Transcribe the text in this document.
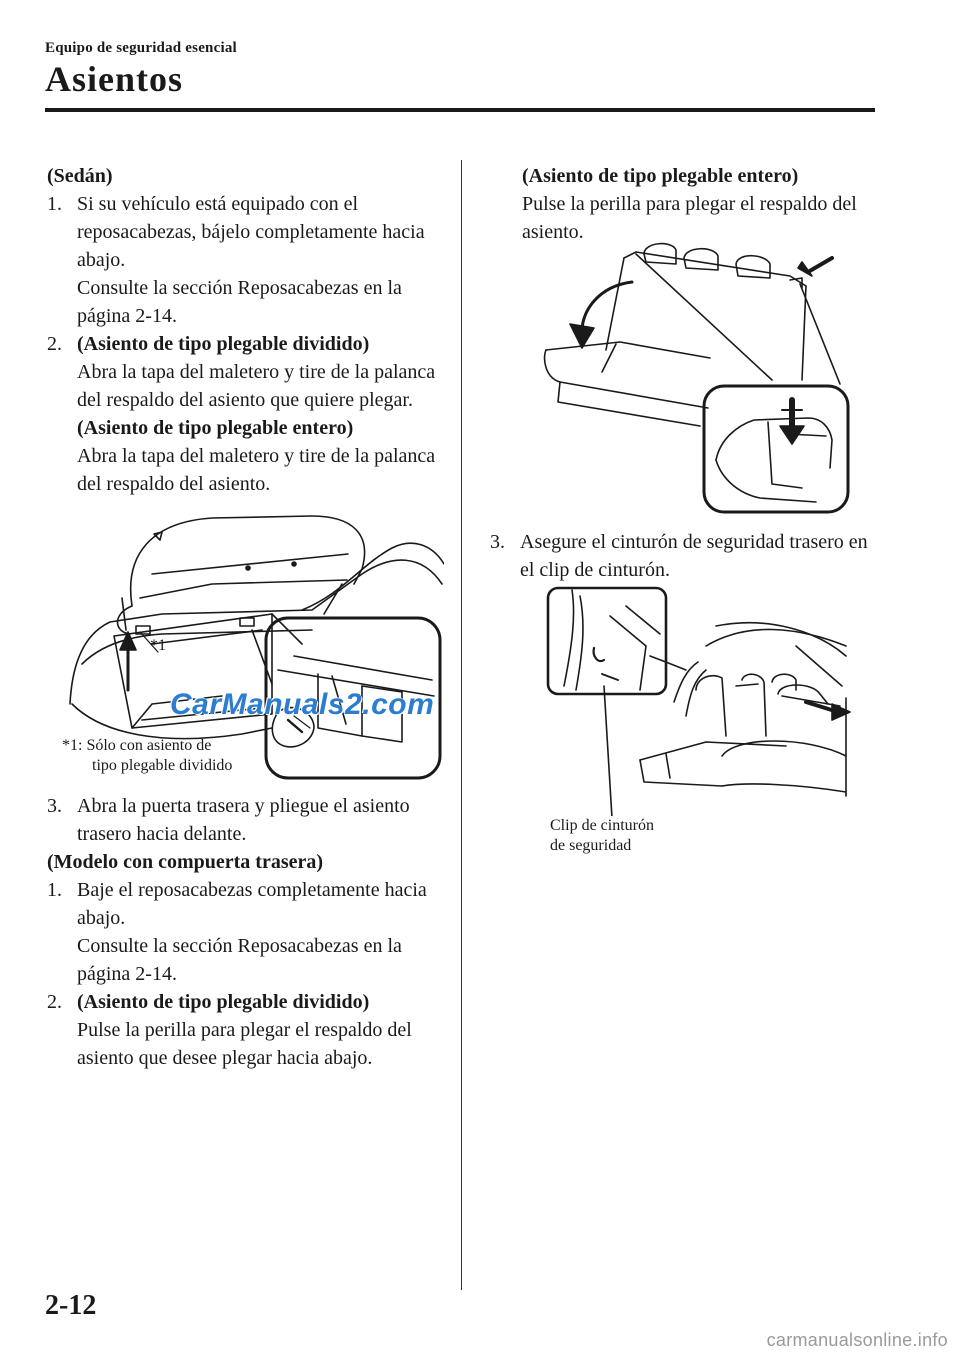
Equipo de seguridad esencial
Asientos

(Sedán)

1. Si su vehículo está equipado con el reposacabezas, bájelo completamente hacia abajo.

Consulte la sección Reposacabezas en la página 2-14.

2. (Asiento de tipo plegable dividido)

Abra la tapa del maletero y tire de la palanca del respaldo del asiento que quiere plegar.

(Asiento de tipo plegable entero)

Abra la tapa del maletero y tire de la palanca del respaldo del asiento.

*1
*1: Sólo con asiento de
tipo plegable dividido
CarManuals2.com
3. Abra la puerta trasera y pliegue el asiento trasero hacia delante.

(Modelo con compuerta trasera)

1. Baje el reposacabezas completamente hacia abajo.

Consulte la sección Reposacabezas en la página 2-14.

2. (Asiento de tipo plegable dividido)

Pulse la perilla para plegar el respaldo del asiento que desee plegar hacia abajo.

(Asiento de tipo plegable entero)

Pulse la perilla para plegar el respaldo del asiento.

3. Asegure el cinturón de seguridad trasero en el clip de cinturón.

Clip de cinturón
de seguridad
2-12
carmanualsonline.info
